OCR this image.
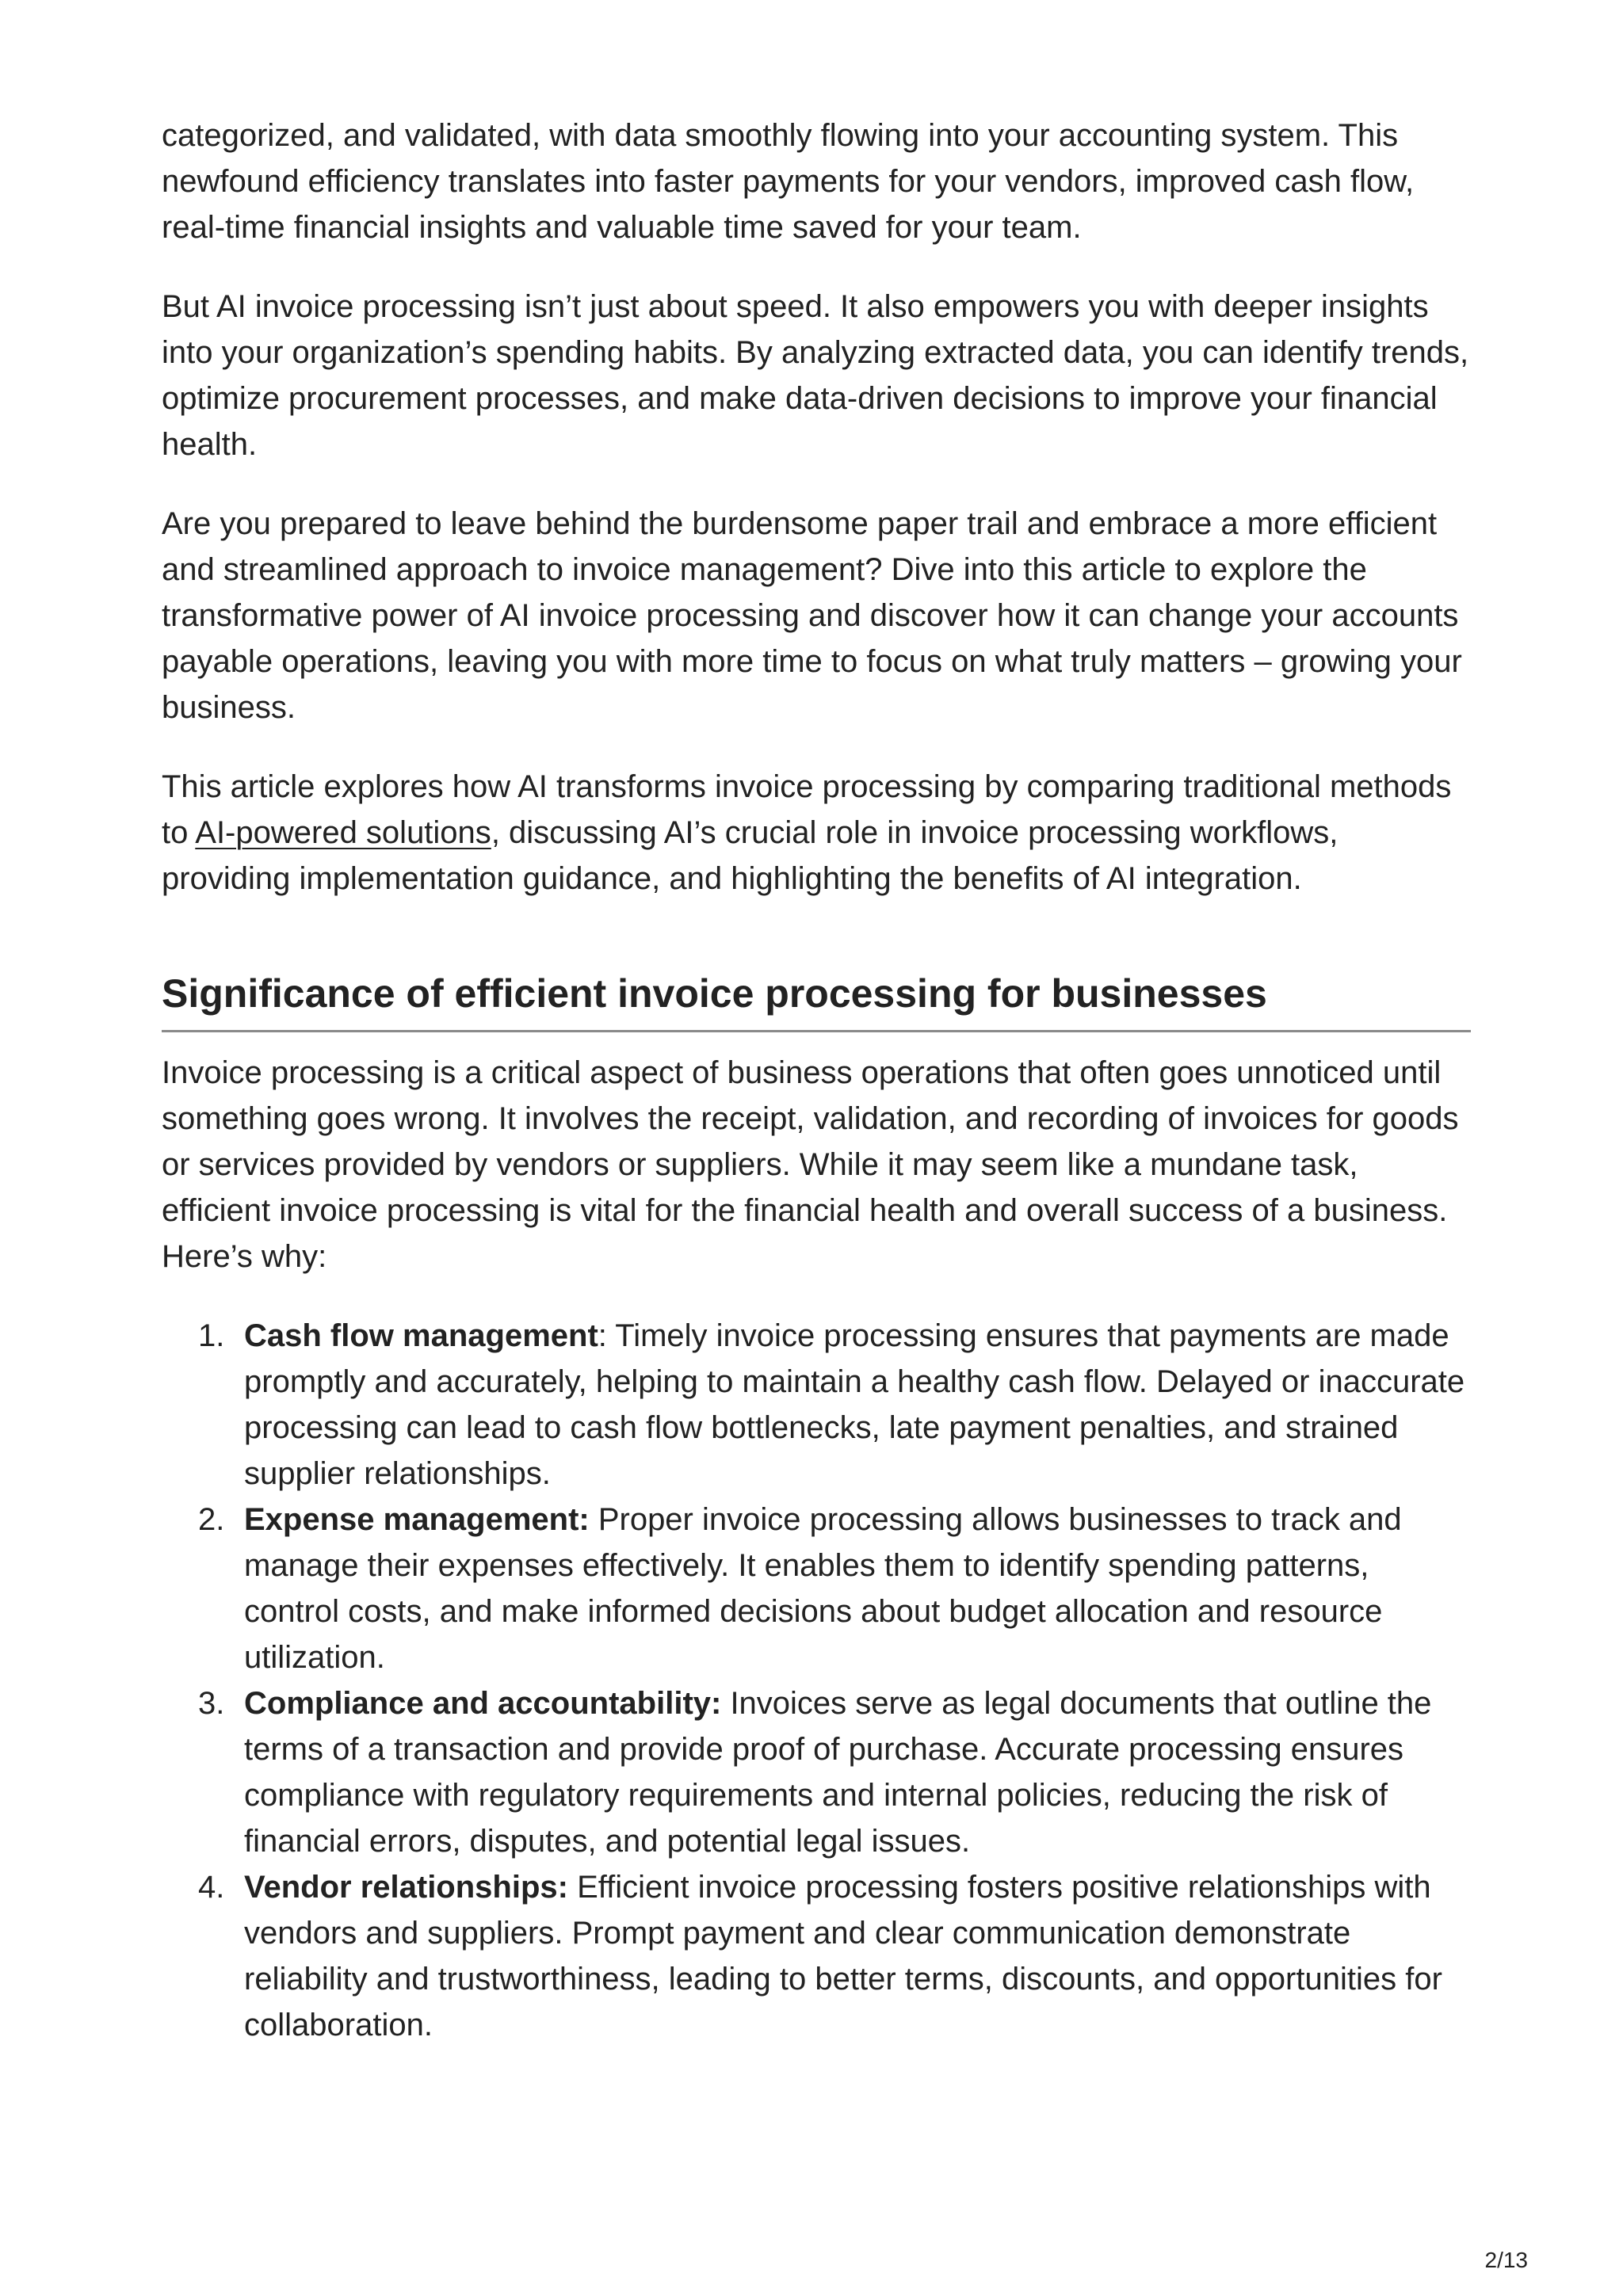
categorized, and validated, with data smoothly flowing into your accounting system. This newfound efficiency translates into faster payments for your vendors, improved cash flow, real-time financial insights and valuable time saved for your team.

But AI invoice processing isn’t just about speed. It also empowers you with deeper insights into your organization’s spending habits. By analyzing extracted data, you can identify trends, optimize procurement processes, and make data-driven decisions to improve your financial health.

Are you prepared to leave behind the burdensome paper trail and embrace a more efficient and streamlined approach to invoice management? Dive into this article to explore the transformative power of AI invoice processing and discover how it can change your accounts payable operations, leaving you with more time to focus on what truly matters – growing your business.

This article explores how AI transforms invoice processing by comparing traditional methods to AI-powered solutions, discussing AI’s crucial role in invoice processing workflows, providing implementation guidance, and highlighting the benefits of AI integration.

Significance of efficient invoice processing for businesses

Invoice processing is a critical aspect of business operations that often goes unnoticed until something goes wrong. It involves the receipt, validation, and recording of invoices for goods or services provided by vendors or suppliers. While it may seem like a mundane task, efficient invoice processing is vital for the financial health and overall success of a business. Here’s why:

1. Cash flow management: Timely invoice processing ensures that payments are made promptly and accurately, helping to maintain a healthy cash flow. Delayed or inaccurate processing can lead to cash flow bottlenecks, late payment penalties, and strained supplier relationships.
2. Expense management: Proper invoice processing allows businesses to track and manage their expenses effectively. It enables them to identify spending patterns, control costs, and make informed decisions about budget allocation and resource utilization.
3. Compliance and accountability: Invoices serve as legal documents that outline the terms of a transaction and provide proof of purchase. Accurate processing ensures compliance with regulatory requirements and internal policies, reducing the risk of financial errors, disputes, and potential legal issues.
4. Vendor relationships: Efficient invoice processing fosters positive relationships with vendors and suppliers. Prompt payment and clear communication demonstrate reliability and trustworthiness, leading to better terms, discounts, and opportunities for collaboration.
2/13
